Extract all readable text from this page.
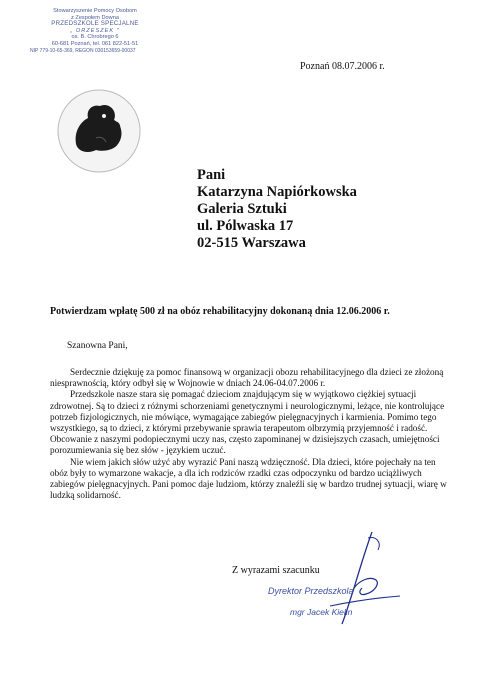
Stowarzyszenie Pomocy Osobom
z Zespołem Downa
PRZEDSZKOLE SPECJALNE
„ ORZESZEK ”
os. B. Chrobrego 6
60-681 Poznań, tel. 061 822-51-51
NIP 779-10-65-369, REGON 030153659-00037
Poznań 08.07.2006 r.
Pani
Katarzyna Napiórkowska
Galeria Sztuki
ul. Pólwaska 17
02-515 Warszawa
Potwierdzam wpłatę 500 zł na obóz rehabilitacyjny dokonaną dnia 12.06.2006 r.
Szanowna Pani,

Serdecznie dziękuję za pomoc finansową w organizacji obozu rehabilitacyjnego dla dzieci ze złożoną niesprawnością, który odbył się w Wojnowie w dniach 24.06-04.07.2006 r.

Przedszkole nasze stara się pomagać dzieciom znajdującym się w wyjątkowo ciężkiej sytuacji zdrowotnej. Są to dzieci z różnymi schorzeniami genetycznymi i neurologicznymi, leżące, nie kontrolujące potrzeb fizjologicznych, nie mówiące, wymagające zabiegów pielęgnacyjnych i karmienia. Pomimo tego wszystkiego, są to dzieci, z którymi przebywanie sprawia terapeutom olbrzymią przyjemność i radość. Obcowanie z naszymi podopiecznymi uczy nas, często zapominanej w dzisiejszych czasach, umiejętności porozumiewania się bez słów - językiem uczuć.

Nie wiem jakich słów użyć aby wyrazić Pani naszą wdzięczność. Dla dzieci, które pojechały na ten obóz były to wymarzone wakacje, a dla ich rodziców rzadki czas odpoczynku od bardzo uciążliwych zabiegów pielęgnacyjnych. Pani pomoc daje ludziom, którzy znaleźli się w bardzo trudnej sytuacji, wiarę w ludzką solidarność.

Z wyrazami szacunku
Dyrektor Przedszkola
mgr Jacek Kielin
